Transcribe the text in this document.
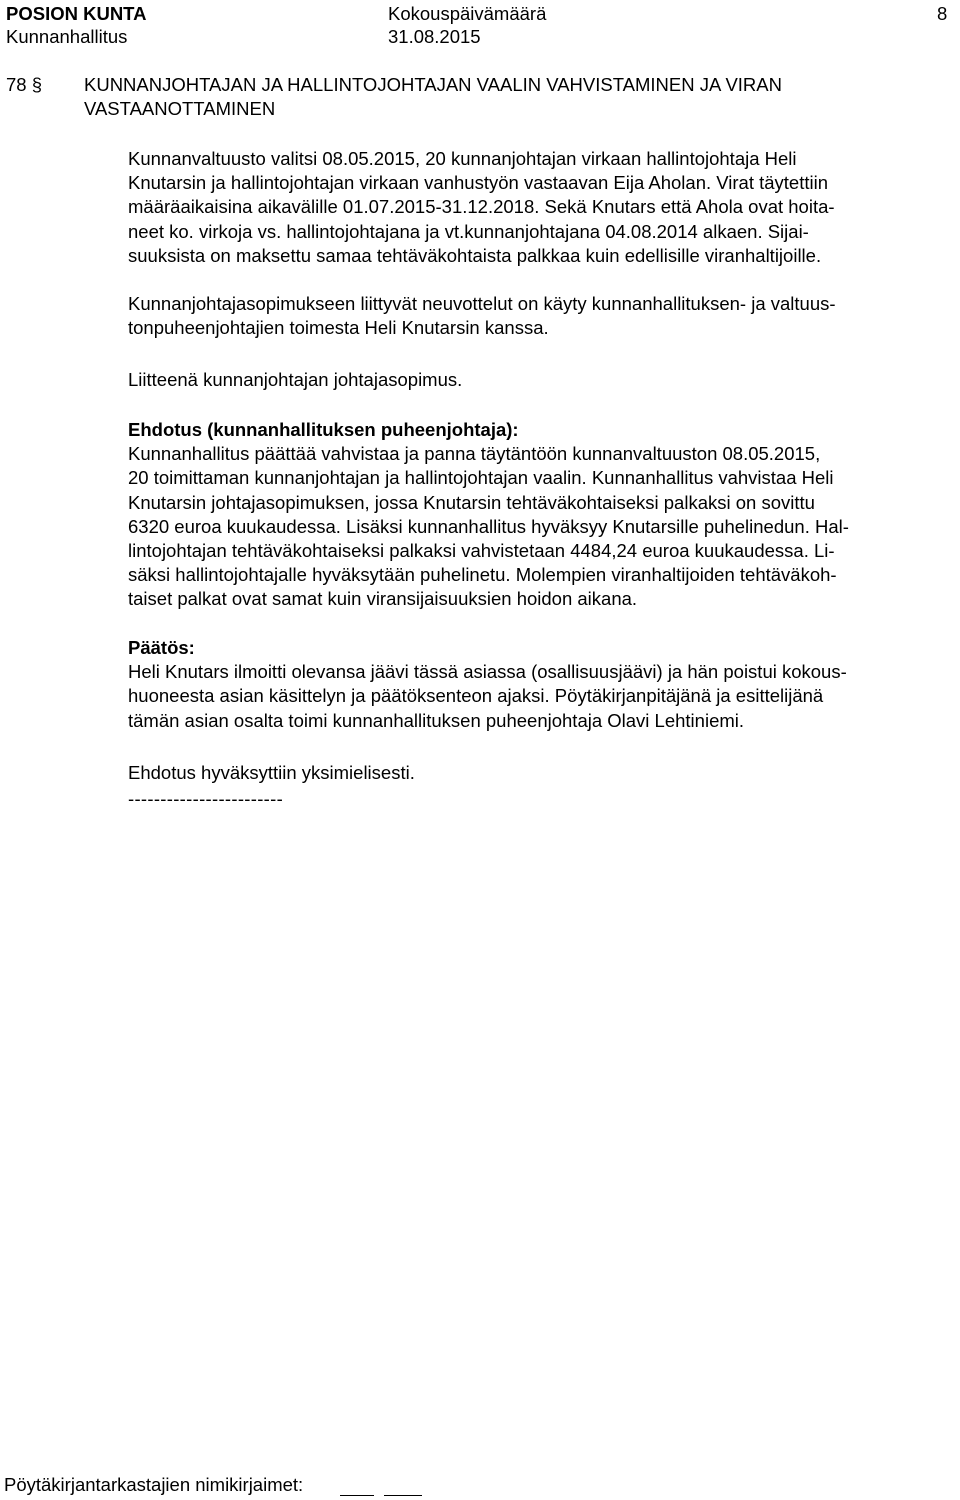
POSION KUNTA	Kokouspäivämäärä	8
Kunnanhallitus	31.08.2015
78 § KUNNANJOHTAJAN JA HALLINTOJOHTAJAN VAALIN VAHVISTAMINEN JA VIRAN VASTAANOTTAMINEN
Kunnanvaltuusto valitsi 08.05.2015, 20 kunnanjohtajan virkaan hallintojohtaja Heli
Knutarsin ja hallintojohtajan virkaan vanhustyön vastaavan Eija Aholan. Virat täytettiin
määräaikaisina aikavälille 01.07.2015-31.12.2018. Sekä Knutars että Ahola ovat hoita-
neet ko. virkoja vs. hallintojohtajana ja vt.kunnanjohtajana 04.08.2014 alkaen. Sijai-
suuksista on maksettu samaa tehtäväkohtaista palkkaa kuin edellisille viranhaltijoille.
Kunnanjohtajasopimukseen liittyvät neuvottelut on käyty kunnanhallituksen- ja valtuus-
tonpuheenjohtajien toimesta Heli Knutarsin kanssa.
Liitteenä kunnanjohtajan johtajasopimus.
Ehdotus (kunnanhallituksen puheenjohtaja):
Kunnanhallitus päättää vahvistaa ja panna täytäntöön kunnanvaltuuston 08.05.2015,
20 toimittaman kunnanjohtajan ja hallintojohtajan vaalin. Kunnanhallitus vahvistaa Heli
Knutarsin johtajasopimuksen, jossa Knutarsin tehtäväkohtaiseksi palkaksi on sovittu
6320 euroa kuukaudessa. Lisäksi kunnanhallitus hyväksyy Knutarsille puhelinedun. Hal-
lintojohtajan tehtäväkohtaiseksi palkaksi vahvistetaan 4484,24 euroa kuukaudessa. Li-
säksi hallintojohtajalle hyväksytään puhelinetu. Molempien viranhaltijoiden tehtäväkoh-
taiset palkat ovat samat kuin viransijaisuuksien hoidon aikana.
Päätös:
Heli Knutars ilmoitti olevansa jäävi tässä asiassa (osallisuusjäävi) ja hän poistui kokous-
huoneesta asian käsittelyn ja päätöksenteon ajaksi. Pöytäkirjanpitäjänä ja esittelijänä
tämän asian osalta toimi kunnanhallituksen puheenjohtaja Olavi Lehtiniemi.
Ehdotus hyväksyttiin yksimielisesti.
------------------------
Pöytäkirjantarkastajien nimikirjaimet:
